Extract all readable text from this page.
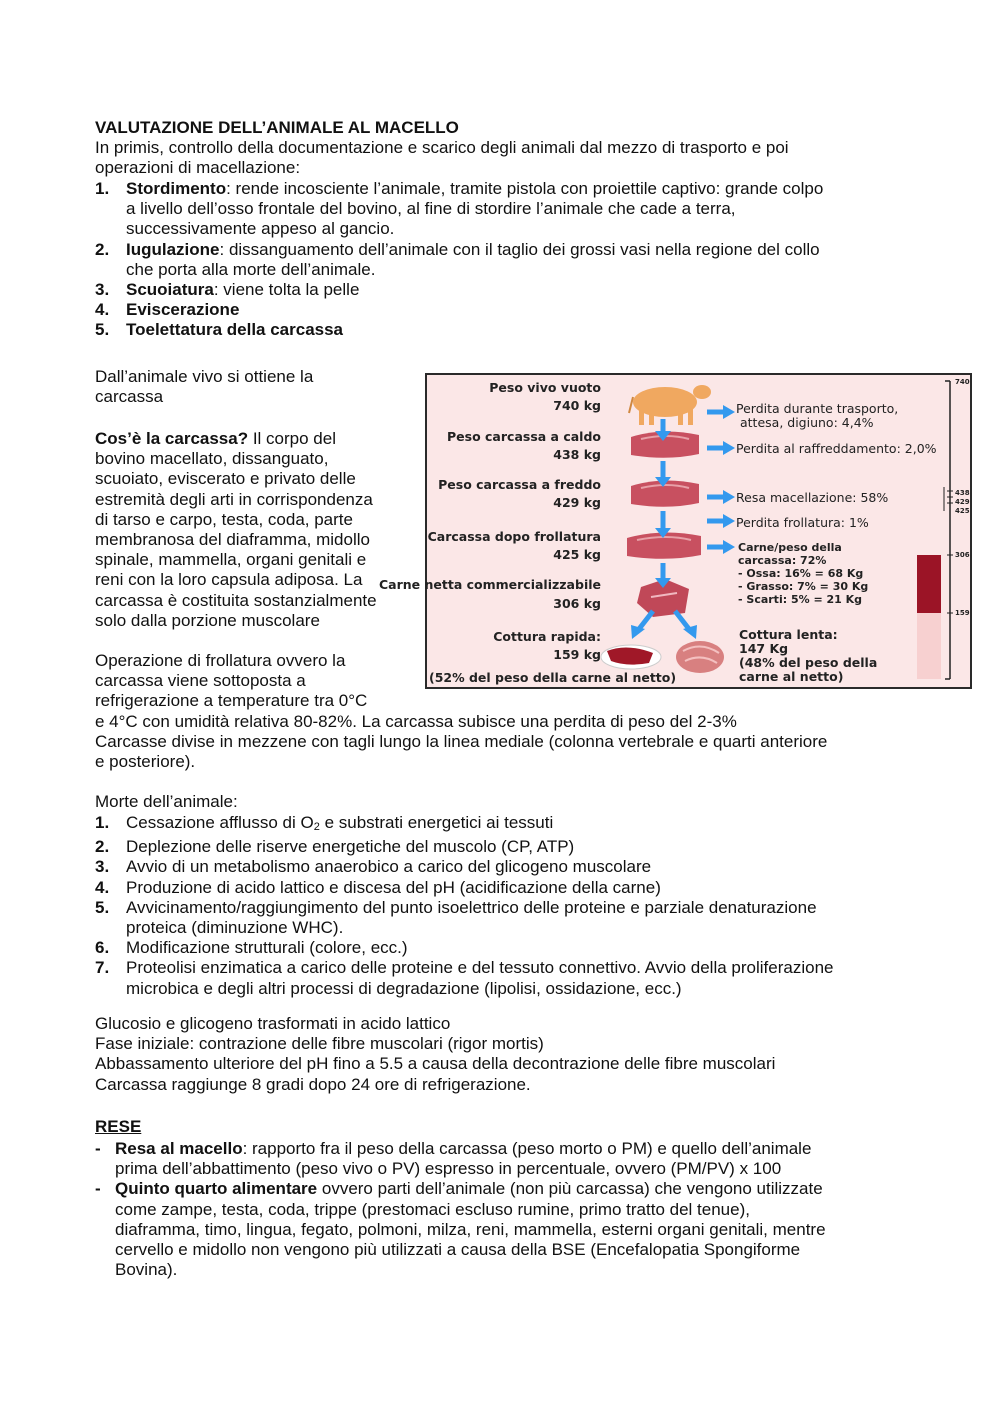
VALUTAZIONE DELL’ANIMALE AL MACELLO
In primis, controllo della documentazione e scarico degli animali dal mezzo di trasporto e poi
operazioni di macellazione:
1. Stordimento: rende incosciente l’animale, tramite pistola con proiettile captivo: grande colpo
a livello dell’osso frontale del bovino, al fine di stordire l’animale che cade a terra,
successivamente appeso al gancio.
2. Iugulazione: dissanguamento dell’animale con il taglio dei grossi vasi nella regione del collo
che porta alla morte dell’animale.
3. Scuoiatura: viene tolta la pelle
4. Eviscerazione
5. Toelettatura della carcassa
Dall’animale vivo si ottiene la
carcassa
Cos’è la carcassa? Il corpo del
bovino macellato, dissanguato,
scuoiato, eviscerato e privato delle
estremità degli arti in corrispondenza
di tarso e carpo, testa, coda, parte
membranosa del diaframma, midollo
spinale, mammella, organi genitali e
reni con la loro capsula adiposa. La
carcassa è costituita sostanzialmente
solo dalla porzione muscolare
Operazione di frollatura ovvero la
carcassa viene sottoposta a
refrigerazione a temperature tra 0°C
e 4°C con umidità relativa 80-82%. La carcassa subisce una perdita di peso del 2-3%
Carcasse divise in mezzene con tagli lungo la linea mediale (colonna vertebrale e quarti anteriore
e posteriore).
Morte dell’animale:
1. Cessazione afflusso di O2 e substrati energetici ai tessuti
2. Deplezione delle riserve energetiche del muscolo (CP, ATP)
3. Avvio di un metabolismo anaerobico a carico del glicogeno muscolare
4. Produzione di acido lattico e discesa del pH (acidificazione della carne)
5. Avvicinamento/raggiungimento del punto isoelettrico delle proteine e parziale denaturazione
proteica (diminuzione WHC).
6. Modificazione strutturali (colore, ecc.)
7. Proteolisi enzimatica a carico delle proteine e del tessuto connettivo. Avvio della proliferazione
microbica e degli altri processi di degradazione (lipolisi, ossidazione, ecc.)
Glucosio e glicogeno trasformati in acido lattico
Fase iniziale: contrazione delle fibre muscolari (rigor mortis)
Abbassamento ulteriore del pH fino a 5.5 a causa della decontrazione delle fibre muscolari
Carcassa raggiunge 8 gradi dopo 24 ore di refrigerazione.
RESE
- Resa al macello: rapporto fra il peso della carcassa (peso morto o PM) e quello dell’animale
prima dell’abbattimento (peso vivo o PV) espresso in percentuale, ovvero (PM/PV) x 100
- Quinto quarto alimentare ovvero parti dell’animale (non più carcassa) che vengono utilizzate
come zampe, testa, coda, trippe (prestomaci escluso rumine, primo tratto del tenue),
diaframma, timo, lingua, fegato, polmoni, milza, reni, mammella, esterni organi genitali, mentre
cervello e midollo non vengono più utilizzati a causa della BSE (Encefalopatia Spongiforme
Bovina).
Peso vivo vuoto
740 kg
Peso carcassa a caldo
438 kg
Peso carcassa a freddo
429 kg
Carcassa dopo frollatura
425 kg
Carne netta commercializzabile
306 kg
Cottura rapida:
159 kg
(52% del peso della carne al netto)
Perdita durante trasporto,
attesa, digiuno: 4,4%
Perdita al raffreddamento: 2,0%
Resa macellazione: 58%
Perdita frollatura: 1%
Carne/peso della
carcassa: 72%
- Ossa: 16% = 68 Kg
- Grasso: 7% = 30 Kg
- Scarti: 5% = 21 Kg
Cottura lenta:
147 Kg
(48% del peso della
carne al netto)
740
438
429
425
306
159
